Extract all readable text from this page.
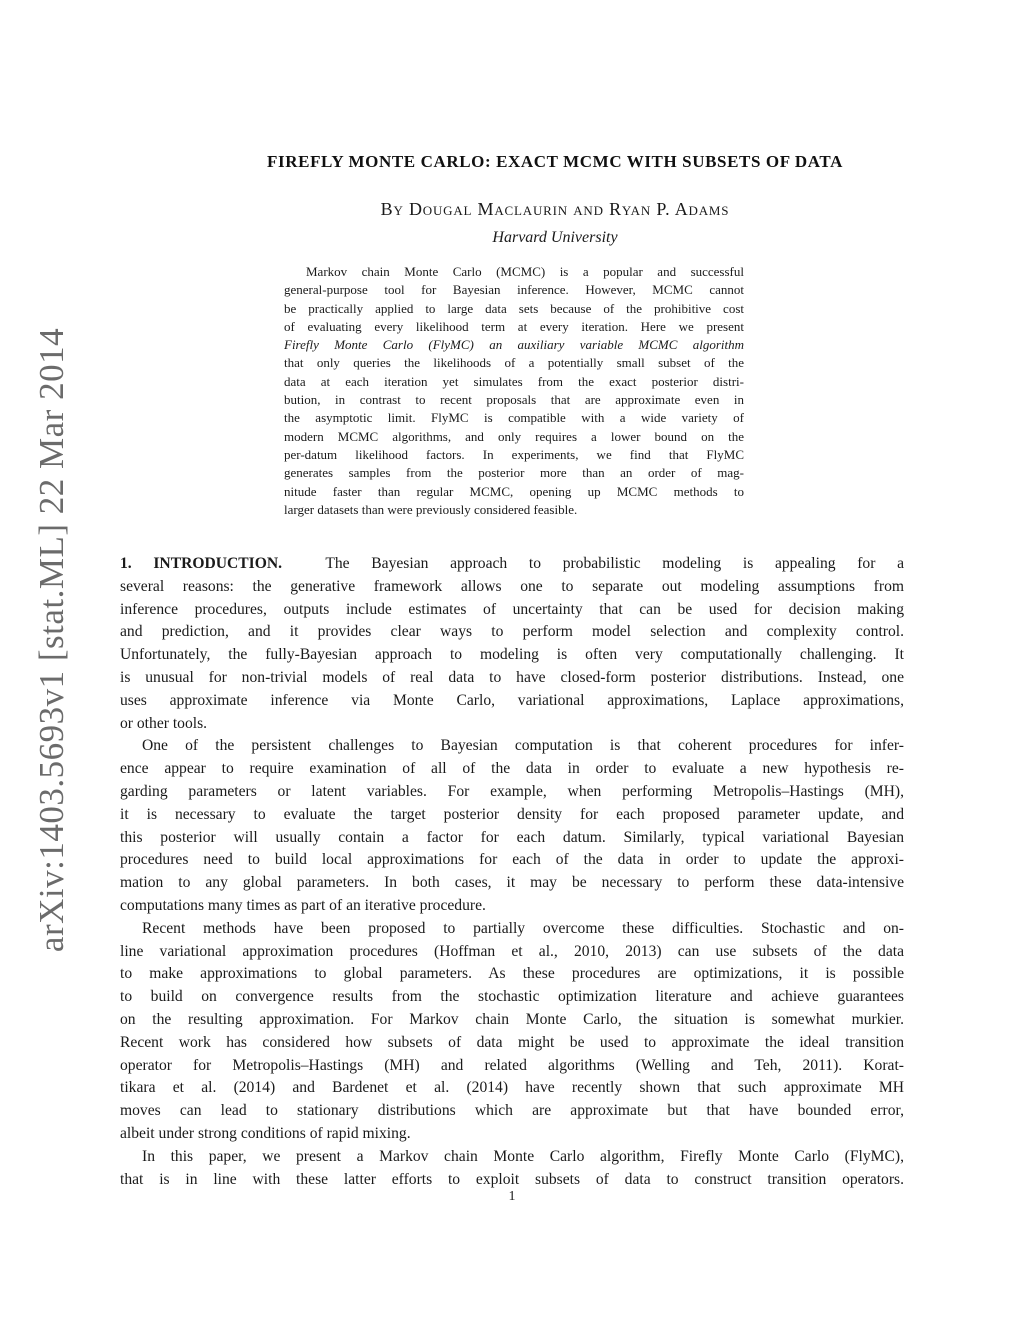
arXiv:1403.5693v1 [stat.ML] 22 Mar 2014
FIREFLY MONTE CARLO: EXACT MCMC WITH SUBSETS OF DATA
By Dougal Maclaurin and Ryan P. Adams
Harvard University
Markov chain Monte Carlo (MCMC) is a popular and successful
general-purpose tool for Bayesian inference. However, MCMC cannot
be practically applied to large data sets because of the prohibitive cost
of evaluating every likelihood term at every iteration. Here we present
Firefly Monte Carlo (FlyMC) an auxiliary variable MCMC algorithm
that only queries the likelihoods of a potentially small subset of the
data at each iteration yet simulates from the exact posterior distri-
bution, in contrast to recent proposals that are approximate even in
the asymptotic limit. FlyMC is compatible with a wide variety of
modern MCMC algorithms, and only requires a lower bound on the
per-datum likelihood factors. In experiments, we find that FlyMC
generates samples from the posterior more than an order of mag-
nitude faster than regular MCMC, opening up MCMC methods to
larger datasets than were previously considered feasible.
1. INTRODUCTION.	The Bayesian approach to probabilistic modeling is appealing for a
several reasons: the generative framework allows one to separate out modeling assumptions from
inference procedures, outputs include estimates of uncertainty that can be used for decision making
and prediction, and it provides clear ways to perform model selection and complexity control.
Unfortunately, the fully-Bayesian approach to modeling is often very computationally challenging. It
is unusual for non-trivial models of real data to have closed-form posterior distributions. Instead, one
uses approximate inference via Monte Carlo, variational approximations, Laplace approximations,
or other tools.
One of the persistent challenges to Bayesian computation is that coherent procedures for infer-
ence appear to require examination of all of the data in order to evaluate a new hypothesis re-
garding parameters or latent variables. For example, when performing Metropolis–Hastings (MH),
it is necessary to evaluate the target posterior density for each proposed parameter update, and
this posterior will usually contain a factor for each datum. Similarly, typical variational Bayesian
procedures need to build local approximations for each of the data in order to update the approxi-
mation to any global parameters. In both cases, it may be necessary to perform these data-intensive
computations many times as part of an iterative procedure.
Recent methods have been proposed to partially overcome these difficulties. Stochastic and on-
line variational approximation procedures (Hoffman et al., 2010, 2013) can use subsets of the data
to make approximations to global parameters. As these procedures are optimizations, it is possible
to build on convergence results from the stochastic optimization literature and achieve guarantees
on the resulting approximation. For Markov chain Monte Carlo, the situation is somewhat murkier.
Recent work has considered how subsets of data might be used to approximate the ideal transition
operator for Metropolis–Hastings (MH) and related algorithms (Welling and Teh, 2011). Korat-
tikara et al. (2014) and Bardenet et al. (2014) have recently shown that such approximate MH
moves can lead to stationary distributions which are approximate but that have bounded error,
albeit under strong conditions of rapid mixing.
In this paper, we present a Markov chain Monte Carlo algorithm, Firefly Monte Carlo (FlyMC),
that is in line with these latter efforts to exploit subsets of data to construct transition operators.
1
